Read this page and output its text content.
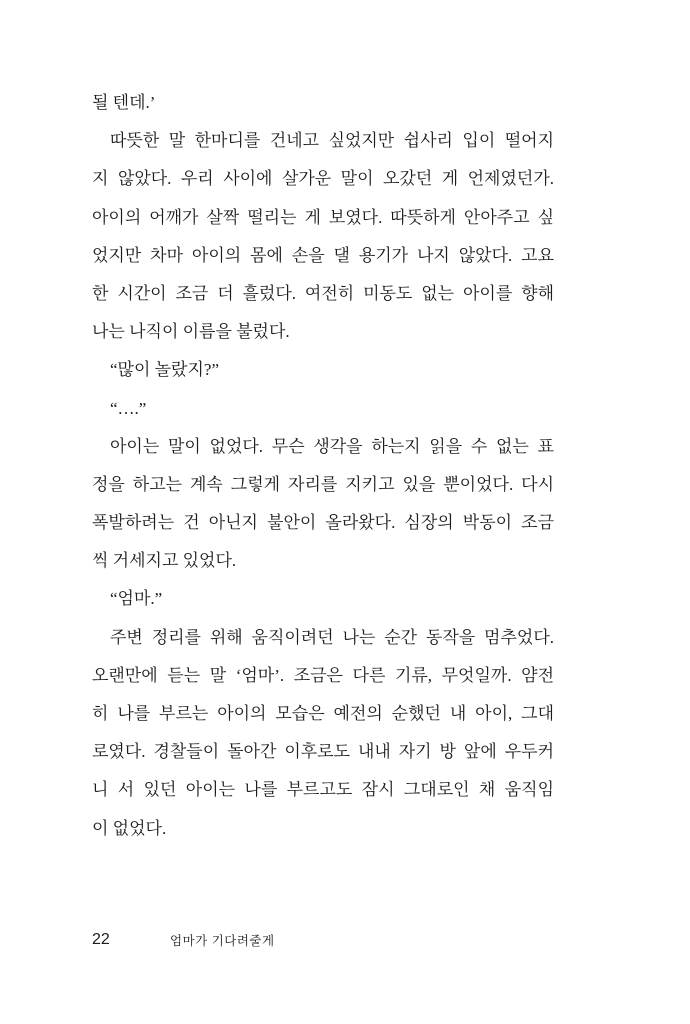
될 텐데.’
따뜻한 말 한마디를 건네고 싶었지만 쉽사리 입이 떨어지
지 않았다. 우리 사이에 살가운 말이 오갔던 게 언제였던가.
아이의 어깨가 살짝 떨리는 게 보였다. 따뜻하게 안아주고 싶
었지만 차마 아이의 몸에 손을 댈 용기가 나지 않았다. 고요
한 시간이 조금 더 흘렀다. 여전히 미동도 없는 아이를 향해
나는 나직이 이름을 불렀다.
“많이 놀랐지?”
“….”
아이는 말이 없었다. 무슨 생각을 하는지 읽을 수 없는 표
정을 하고는 계속 그렇게 자리를 지키고 있을 뿐이었다. 다시
폭발하려는 건 아닌지 불안이 올라왔다. 심장의 박동이 조금
씩 거세지고 있었다.
“엄마.”
주변 정리를 위해 움직이려던 나는 순간 동작을 멈추었다.
오랜만에 듣는 말 ‘엄마’. 조금은 다른 기류, 무엇일까. 얌전
히 나를 부르는 아이의 모습은 예전의 순했던 내 아이, 그대
로였다. 경찰들이 돌아간 이후로도 내내 자기 방 앞에 우두커
니 서 있던 아이는 나를 부르고도 잠시 그대로인 채 움직임
이 없었다.
22	엄마가 기다려줄게
